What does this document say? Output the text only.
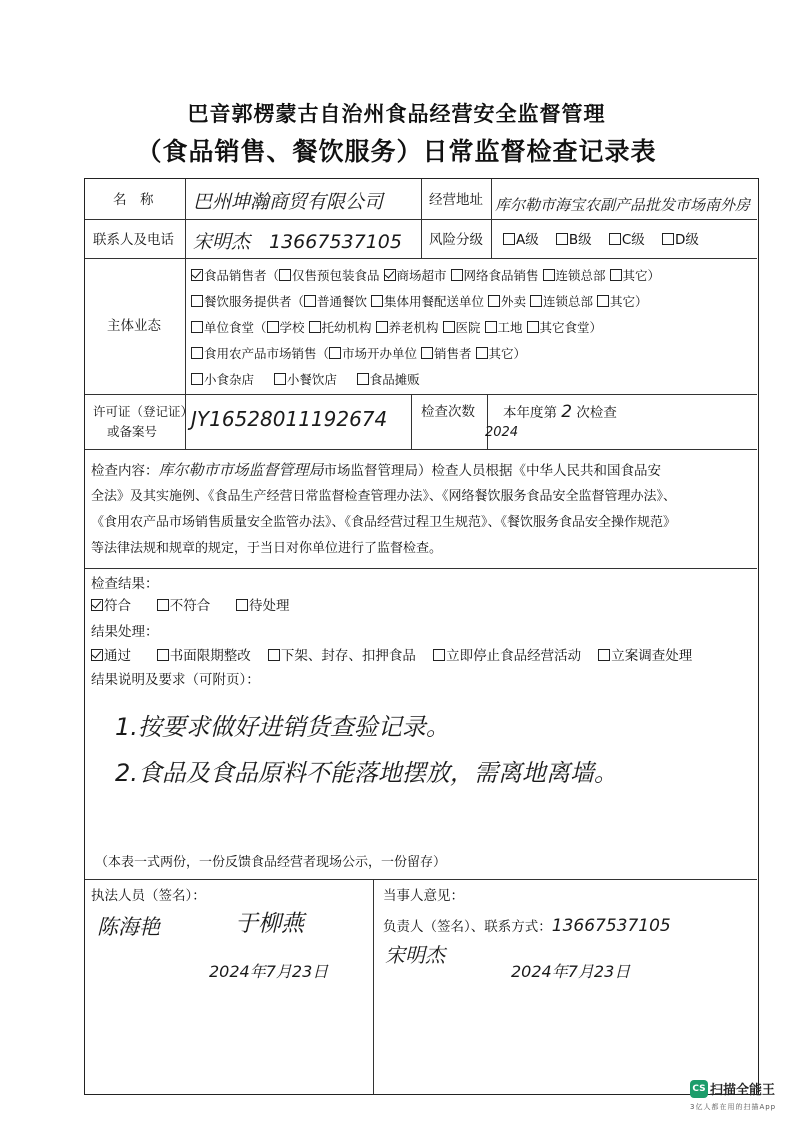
巴音郭楞蒙古自治州食品经营安全监督管理
（食品销售、餐饮服务）日常监督检查记录表
名　称 巴州坤瀚商贸有限公司	经营地址 库尔勒市海宝农副产品批发市场南外房
联系人及电话 宋明杰　13667537105 风险分级	A级 B级 C级 D级
主体业态
食品销售者（ 仅售预包装食品 商场超市 网络食品销售 连锁总部 其它）
餐饮服务提供者（ 普通餐饮 集体用餐配送单位 外卖 连锁总部 其它）
单位食堂（ 学校 托幼机构 养老机构 医院 工地 其它食堂）
食用农产品市场销售（ 市场开办单位 销售者 其它）
小食杂店	小餐饮店	食品摊贩
许可证（登记证）
或备案号
JY16528011192674 检查次数 本年度第 2 次检查
2024
检查内容：库尔勒市市场监督管理局市场监督管理局）检查人员根据《中华人民共和国食品安
全法》及其实施例、《食品生产经营日常监督检查管理办法》、《网络餐饮服务食品安全监督管理办法》、
《食用农产品市场销售质量安全监管办法》、《食品经营过程卫生规范》、《餐饮服务食品安全操作规范》
等法律法规和规章的规定，于当日对你单位进行了监督检查。
检查结果：
符合	不符合	待处理
结果处理：
通过	书面限期整改 下架、封存、扣押食品 立即停止食品经营活动 立案调查处理
结果说明及要求（可附页）：
1.按要求做好进销货查验记录。
2.食品及食品原料不能落地摆放，需离地离墙。
（本表一式两份，一份反馈食品经营者现场公示，一份留存）
执法人员（签名）：
陈海艳	于柳燕
2024年7月23日
当事人意见：
负责人（签名）、联系方式：13667537105
宋明杰
2024年7月23日
CS 扫描全能王
3亿人都在用的扫描App
